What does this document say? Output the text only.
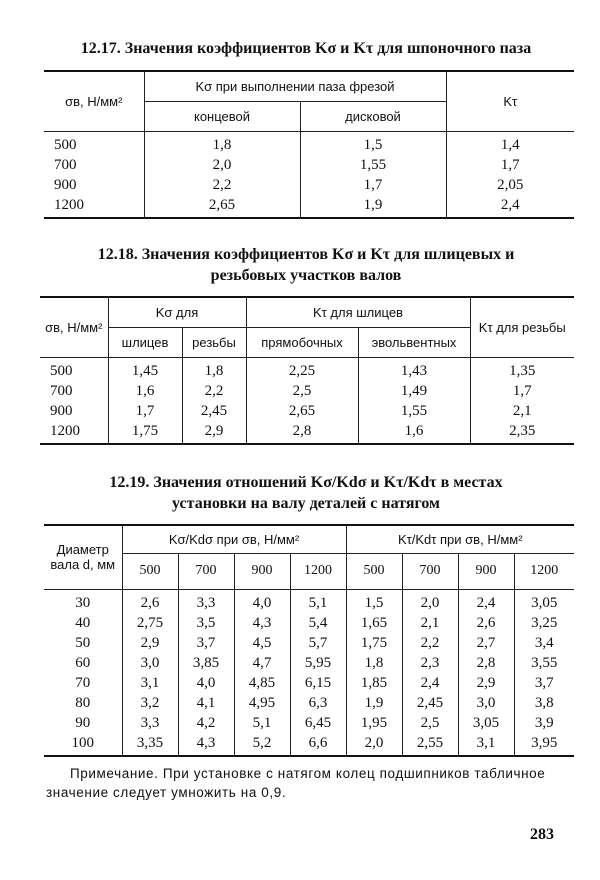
12.17. Значения коэффициентов Kσ и Kτ для шпоночного паза
σв, Н/мм²	Kσ при выполнении паза фрезой		Kτ
	концевой	дисковой	
500	1,8	1,5	1,4
700	2,0	1,55	1,7
900	2,2	1,7	2,05
1200	2,65	1,9	2,4
12.18. Значения коэффициентов Kσ и Kτ для шлицевых и
резьбовых участков валов
σв, Н/мм²	Kσ для		Kτ для шлицев		Kτ для резьбы
	шлицев	резьбы	прямобочных	эвольвентных	
500	1,45	1,8	2,25	1,43	1,35
700	1,6	2,2	2,5	1,49	1,7
900	1,7	2,45	2,65	1,55	2,1
1200	1,75	2,9	2,8	1,6	2,35
12.19. Значения отношений Kσ/Kdσ и Kτ/Kdτ в местах
установки на валу деталей с натягом
Диаметр вала d, мм	Kσ/Kdσ при σв, Н/мм²				Kτ/Kdτ при σв, Н/мм²			
	500	700	900	1200	500	700	900	1200
30	2,6	3,3	4,0	5,1	1,5	2,0	2,4	3,05
40	2,75	3,5	4,3	5,4	1,65	2,1	2,6	3,25
50	2,9	3,7	4,5	5,7	1,75	2,2	2,7	3,4
60	3,0	3,85	4,7	5,95	1,8	2,3	2,8	3,55
70	3,1	4,0	4,85	6,15	1,85	2,4	2,9	3,7
80	3,2	4,1	4,95	6,3	1,9	2,45	3,0	3,8
90	3,3	4,2	5,1	6,45	1,95	2,5	3,05	3,9
100	3,35	4,3	5,2	6,6	2,0	2,55	3,1	3,95
Примечание. При установке с натягом колец подшипников табличное значение следует умножить на 0,9.
283
